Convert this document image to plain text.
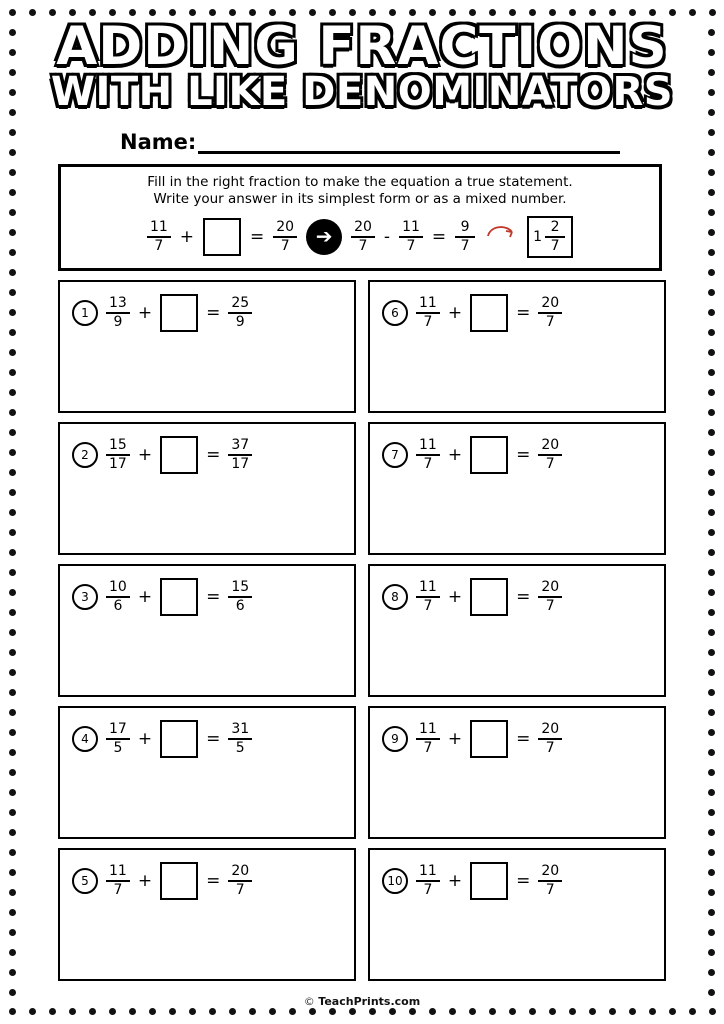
ADDING FRACTIONS
WITH LIKE DENOMINATORS
Name:
Fill in the right fraction to make the equation a true statement.
Write your answer in its simplest form or as a mixed number.
$\frac{11}{7}$ +	= $\frac{20}{7}$ ➔	$\frac{20}{7} - \frac{11}{7} = \frac{9}{7}$	$1 \frac{2}{7}$
1	$\frac{13}{9}$ +	= $\frac{25}{9}$	6	$\frac{11}{7}$ +	= $\frac{20}{7}$
2	$\frac{15}{17}$ +	= $\frac{37}{17}$	7	$\frac{11}{7}$ +	= $\frac{20}{7}$
3	$\frac{10}{6}$ +	= $\frac{15}{6}$	8	$\frac{11}{7}$ +	= $\frac{20}{7}$
4	$\frac{17}{5}$ +	= $\frac{31}{5}$	9	$\frac{11}{7}$ +	= $\frac{20}{7}$
5	$\frac{11}{7}$ +	= $\frac{20}{7}$	$10 \frac{11}{7}$ +	= $\frac{20}{7}$
© TeachPrints.com
